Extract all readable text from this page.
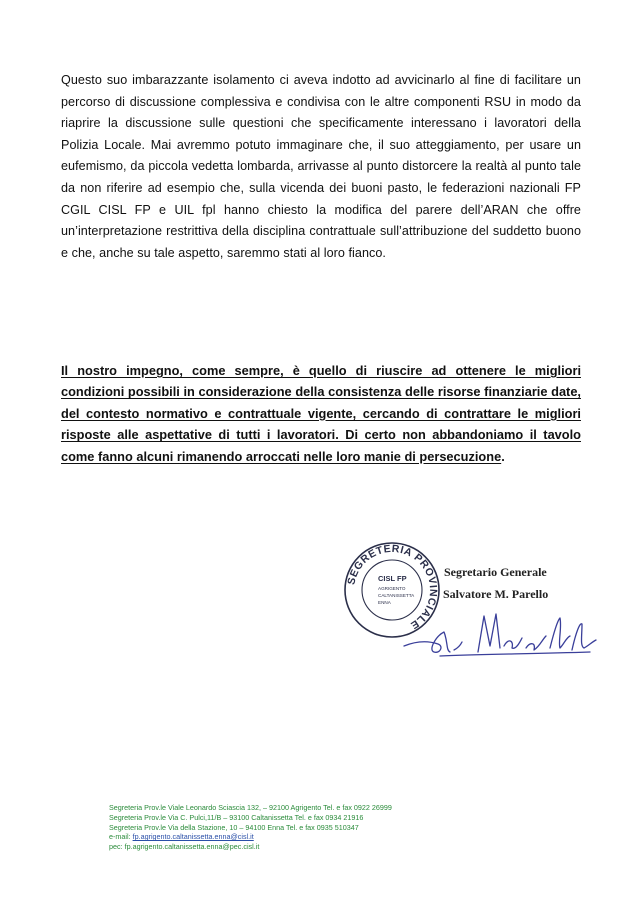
Questo suo imbarazzante isolamento ci aveva indotto ad avvicinarlo al fine di facilitare un percorso di discussione complessiva e condivisa con le altre componenti RSU in modo da riaprire la discussione sulle questioni che specificamente interessano i lavoratori della Polizia Locale. Mai avremmo potuto immaginare che, il suo atteggiamento, per usare un eufemismo, da piccola vedetta lombarda, arrivasse al punto distorcere la realtà al punto tale da non riferire ad esempio che, sulla vicenda dei buoni pasto, le federazioni nazionali FP CGIL CISL FP e UIL fpl hanno chiesto la modifica del parere dell’ARAN che offre un’interpretazione restrittiva della disciplina contrattuale sull’attribuzione del suddetto buono e che, anche su tale aspetto, saremmo stati al loro fianco.
Il nostro impegno, come sempre, è quello di riuscire ad ottenere le migliori condizioni possibili in considerazione della consistenza delle risorse finanziarie date, del contesto normativo e contrattuale vigente, cercando di contrattare le migliori risposte alle aspettative di tutti i lavoratori. Di certo non abbandoniamo il tavolo come fanno alcuni rimanendo arroccati nelle loro manie di persecuzione.
SEGRETERIA PROVINCIALE
CISL FP
AGRIGENTO
CALTANISSETTA
ENNA
Segretario Generale
Salvatore M. Parello
Segreteria Prov.le Viale Leonardo Sciascia 132, – 92100 Agrigento Tel. e fax 0922 26999
Segreteria Prov.le Via C. Pulci,11/B – 93100 Caltanissetta Tel. e fax 0934 21916
Segreteria Prov.le Via della Stazione, 10 – 94100 Enna Tel. e fax 0935 510347
e-mail: fp.agrigento.caltanissetta.enna@cisl.it
pec: fp.agrigento.caltanissetta.enna@pec.cisl.it
